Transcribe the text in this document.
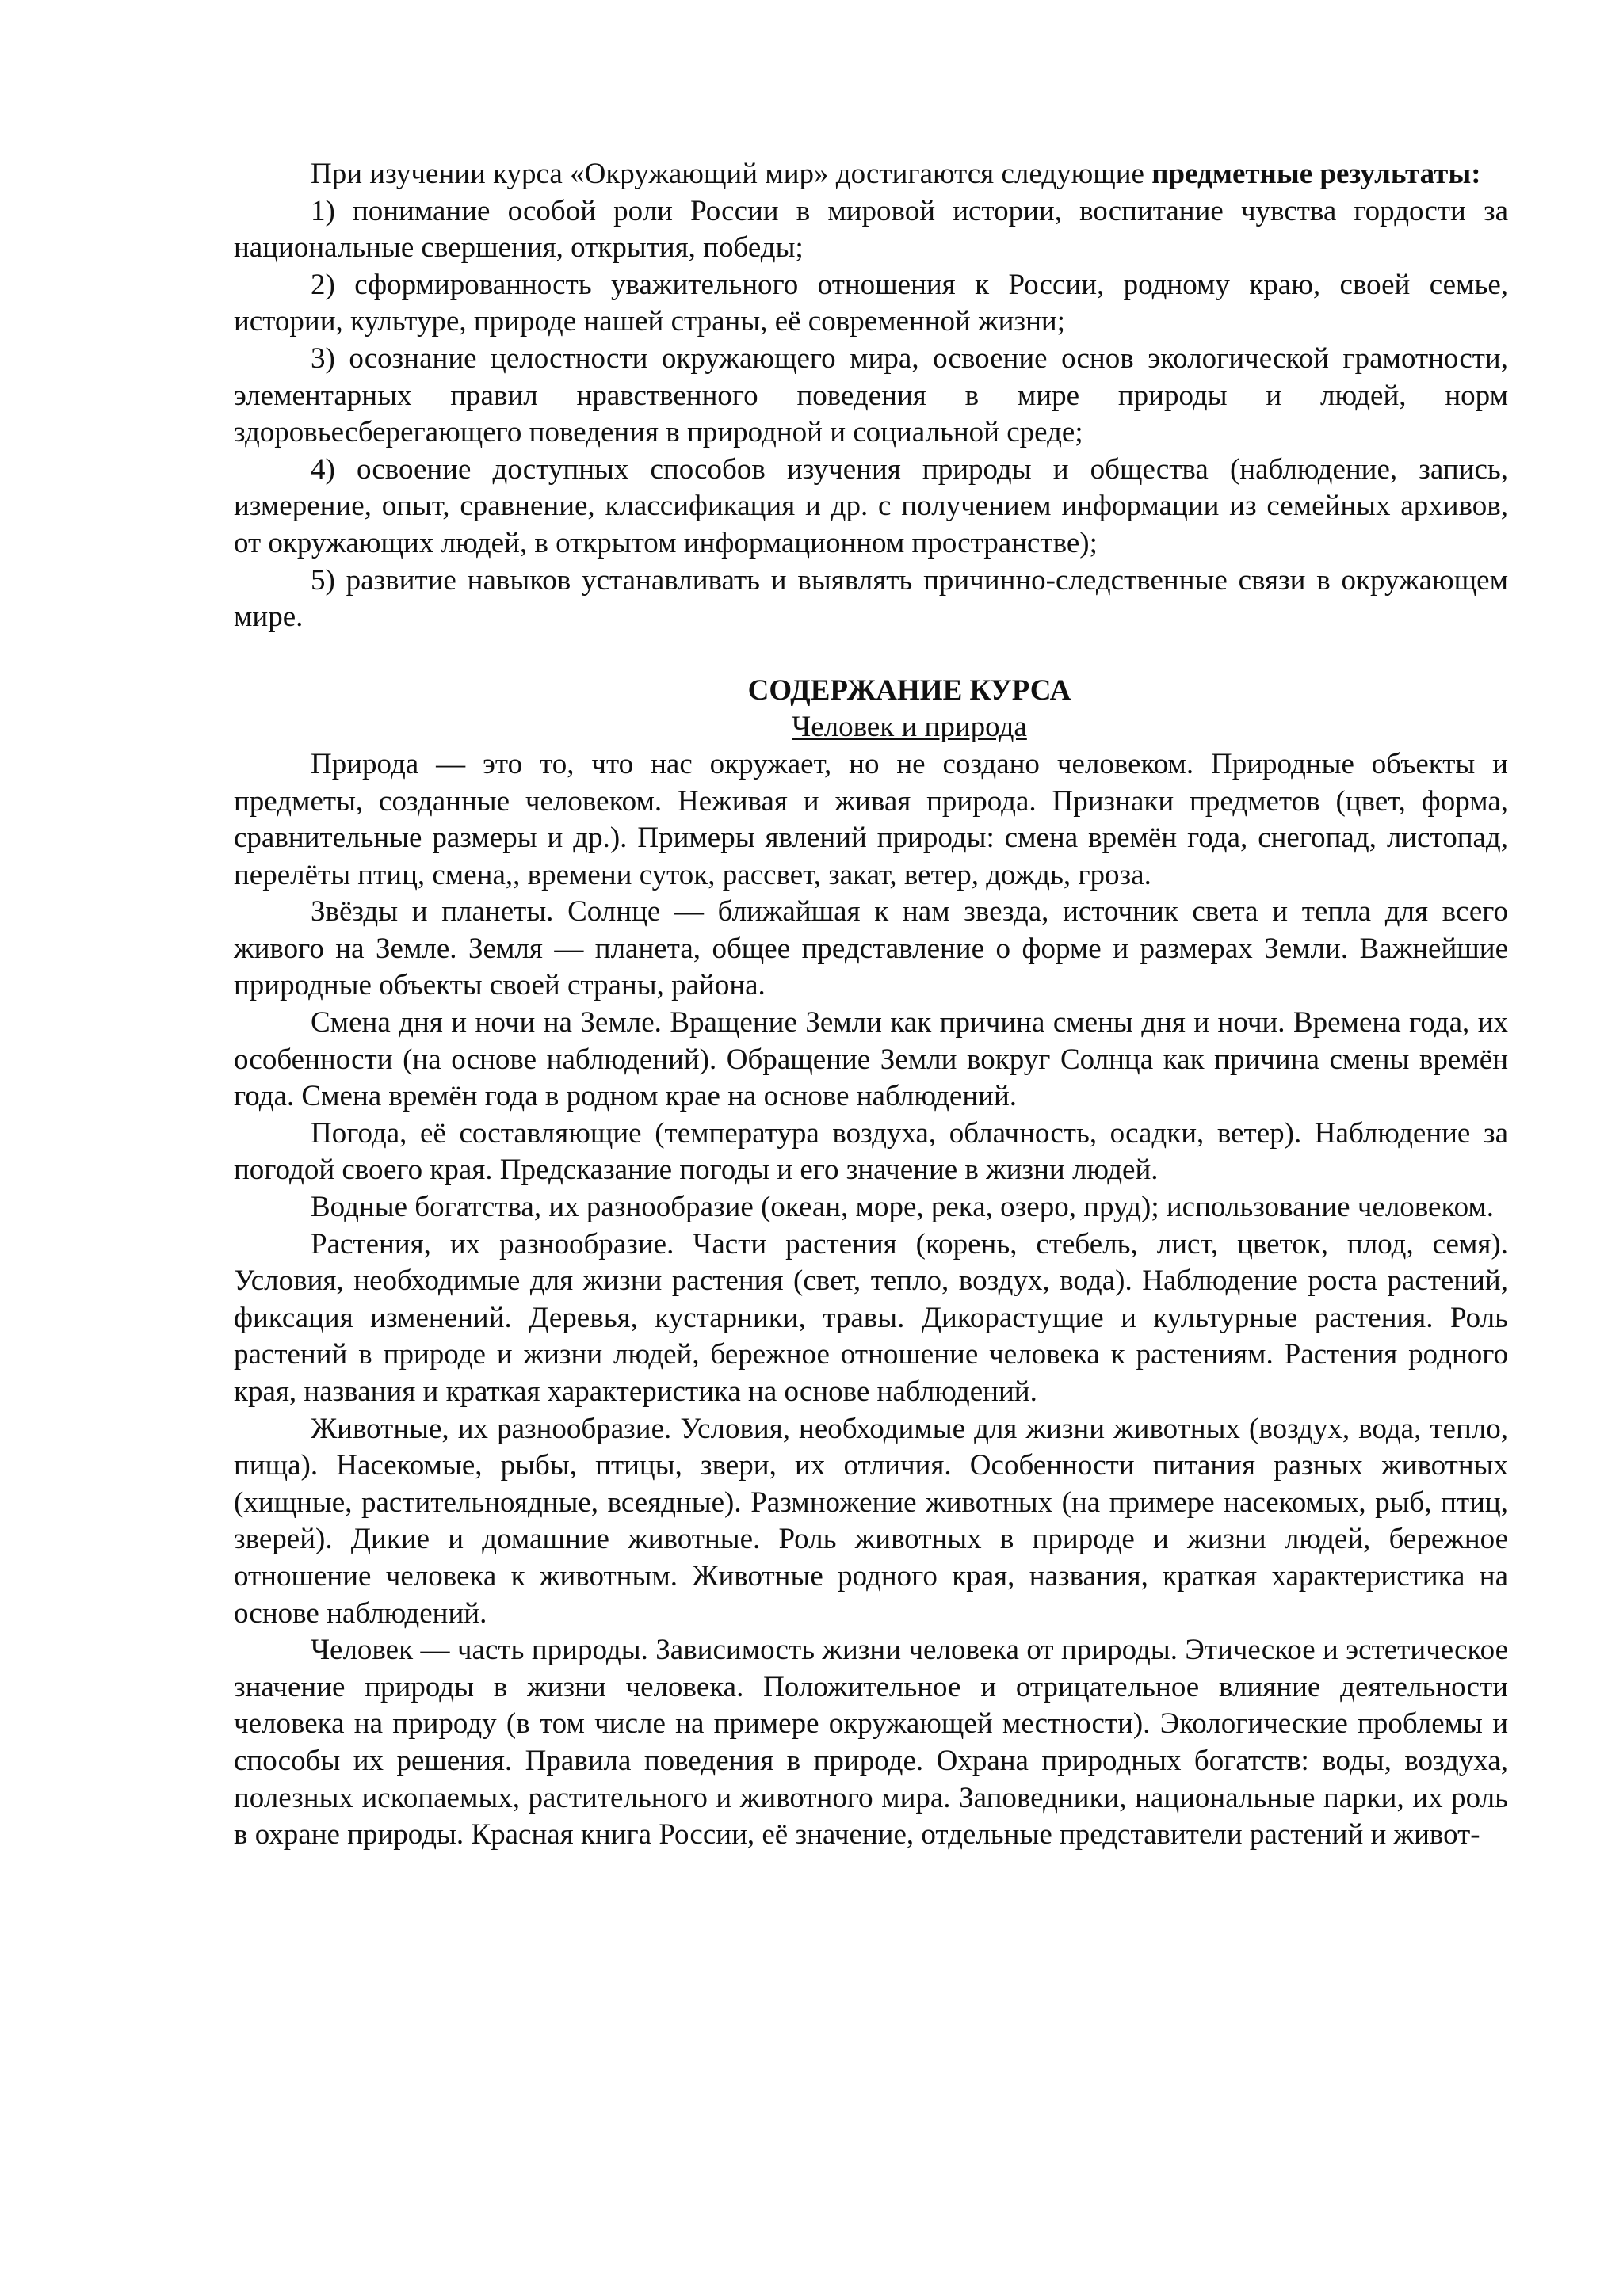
При изучении курса «Окружающий мир» достигаются следующие предметные результаты:

1) понимание особой роли России в мировой истории, воспитание чувства гордости за национальные свершения, открытия, победы;

2) сформированность уважительного отношения к России, родному краю, своей семье, истории, культуре, природе нашей страны, её современной жизни;

3) осознание целостности окружающего мира, освоение основ экологической грамотности, элементарных правил нравственного поведения в мире природы и людей, норм здоровьесберегающего поведения в природной и социальной среде;

4) освоение доступных способов изучения природы и общества (наблюдение, запись, измерение, опыт, сравнение, классификация и др. с получением информации из семейных архивов, от окружающих людей, в открытом информационном пространстве);

5) развитие навыков устанавливать и выявлять причинно-следственные связи в окружающем мире.

СОДЕРЖАНИЕ КУРСА

Человек и природа

Природа — это то, что нас окружает, но не создано человеком. Природные объекты и предметы, созданные человеком. Неживая и живая природа. Признаки предметов (цвет, форма, сравнительные размеры и др.). Примеры явлений природы: смена времён года, снегопад, листопад, перелёты птиц, смена,, времени суток, рассвет, закат, ветер, дождь, гроза.

Звёзды и планеты. Солнце — ближайшая к нам звезда, источник света и тепла для всего живого на Земле. Земля — планета, общее представление о форме и размерах Земли. Важнейшие природные объекты своей страны, района.

Смена дня и ночи на Земле. Вращение Земли как причина смены дня и ночи. Времена года, их особенности (на основе наблюдений). Обращение Земли вокруг Солнца как причина смены времён года. Смена времён года в родном крае на основе наблюдений.

Погода, её составляющие (температура воздуха, облачность, осадки, ветер). Наблюдение за погодой своего края. Предсказание погоды и его значение в жизни людей.

Водные богатства, их разнообразие (океан, море, река, озеро, пруд); использование человеком.

Растения, их разнообразие. Части растения (корень, стебель, лист, цветок, плод, семя). Условия, необходимые для жизни растения (свет, тепло, воздух, вода). Наблюдение роста растений, фиксация изменений. Деревья, кустарники, травы. Дикорастущие и культурные растения. Роль растений в природе и жизни людей, бережное отношение человека к растениям. Растения родного края, названия и краткая характеристика на основе наблюдений.

Животные, их разнообразие. Условия, необходимые для жизни животных (воздух, вода, тепло, пища). Насекомые, рыбы, птицы, звери, их отличия. Особенности питания разных животных (хищные, растительноядные, всеядные). Размножение животных (на примере насекомых, рыб, птиц, зверей). Дикие и домашние животные. Роль животных в природе и жизни людей, бережное отношение человека к животным. Животные родного края, названия, краткая характеристика на основе наблюдений.

Человек — часть природы. Зависимость жизни человека от природы. Этическое и эстетическое значение природы в жизни человека. Положительное и отрицательное влияние деятельности человека на природу (в том числе на примере окружающей местности). Экологические проблемы и способы их решения. Правила поведения в природе. Охрана природных богатств: воды, воздуха, полезных ископаемых, растительного и животного мира. Заповедники, национальные парки, их роль в охране природы. Красная книга России, её значение, отдельные представители растений и живот-
